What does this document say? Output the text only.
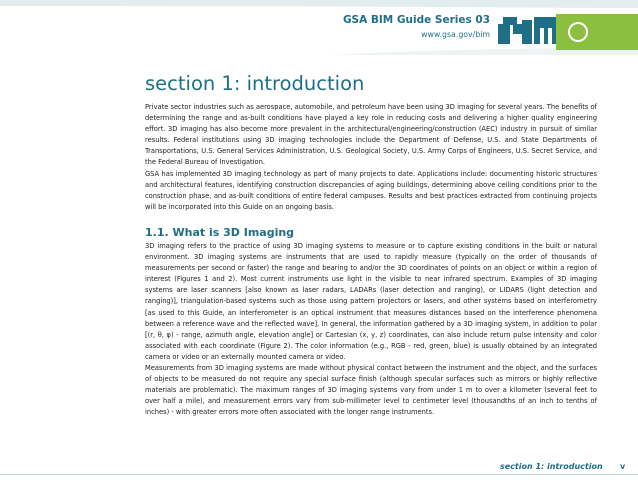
GSA BIM Guide Series 03
www.gsa.gov/bim
section 1: introduction

Private sector industries such as aerospace, automobile, and petroleum have been using 3D imaging for several years. The benefits of determining the range and as-built conditions have played a key role in reducing costs and delivering a higher quality engineering effort. 3D imaging has also become more prevalent in the architectural/engineering/construction (AEC) industry in pursuit of similar results. Federal institutions using 3D imaging technologies include the Department of Defense, U.S. and State Departments of Transportations, U.S. General Services Administration, U.S. Geological Society, U.S. Army Corps of Engineers, U.S. Secret Service, and the Federal Bureau of Investigation.

GSA has implemented 3D imaging technology as part of many projects to date. Applications include: documenting historic structures and architectural features, identifying construction discrepancies of aging buildings, determining above ceiling conditions prior to the construction phase, and as-built conditions of entire federal campuses. Results and best practices extracted from continuing projects will be incorporated into this Guide on an ongoing basis.

1.1. What is 3D Imaging

3D imaging refers to the practice of using 3D imaging systems to measure or to capture existing conditions in the built or natural environment. 3D imaging systems are instruments that are used to rapidly measure (typically on the order of thousands of measurements per second or faster) the range and bearing to and/or the 3D coordinates of points on an object or within a region of interest (Figures 1 and 2). Most current instruments use light in the visible to near infrared spectrum. Examples of 3D imaging systems are laser scanners [also known as laser radars, LADARs (laser detection and ranging), or LIDARS (light detection and ranging)], triangulation-based systems such as those using pattern projectors or lasers, and other systems based on interferometry [as used to this Guide, an interferometer is an optical instrument that measures distances based on the interference phenomena between a reference wave and the reflected wave]. In general, the information gathered by a 3D imaging system, in addition to polar [(r, θ, φ) - range, azimuth angle, elevation angle] or Cartesian (x, y, z) coordinates, can also include return pulse intensity and color associated with each coordinate (Figure 2). The color information (e.g., RGB - red, green, blue) is usually obtained by an integrated camera or video or an externally mounted camera or video.

Measurements from 3D imaging systems are made without physical contact between the instrument and the object, and the surfaces of objects to be measured do not require any special surface finish (although specular surfaces such as mirrors or highly reflective materials are problematic). The maximum ranges of 3D imaging systems vary from under 1 m to over a kilometer (several feet to over half a mile), and measurement errors vary from sub-millimeter level to centimeter level (thousandths of an inch to tenths of inches) - with greater errors more often associated with the longer range instruments.

section 1: introduction v
